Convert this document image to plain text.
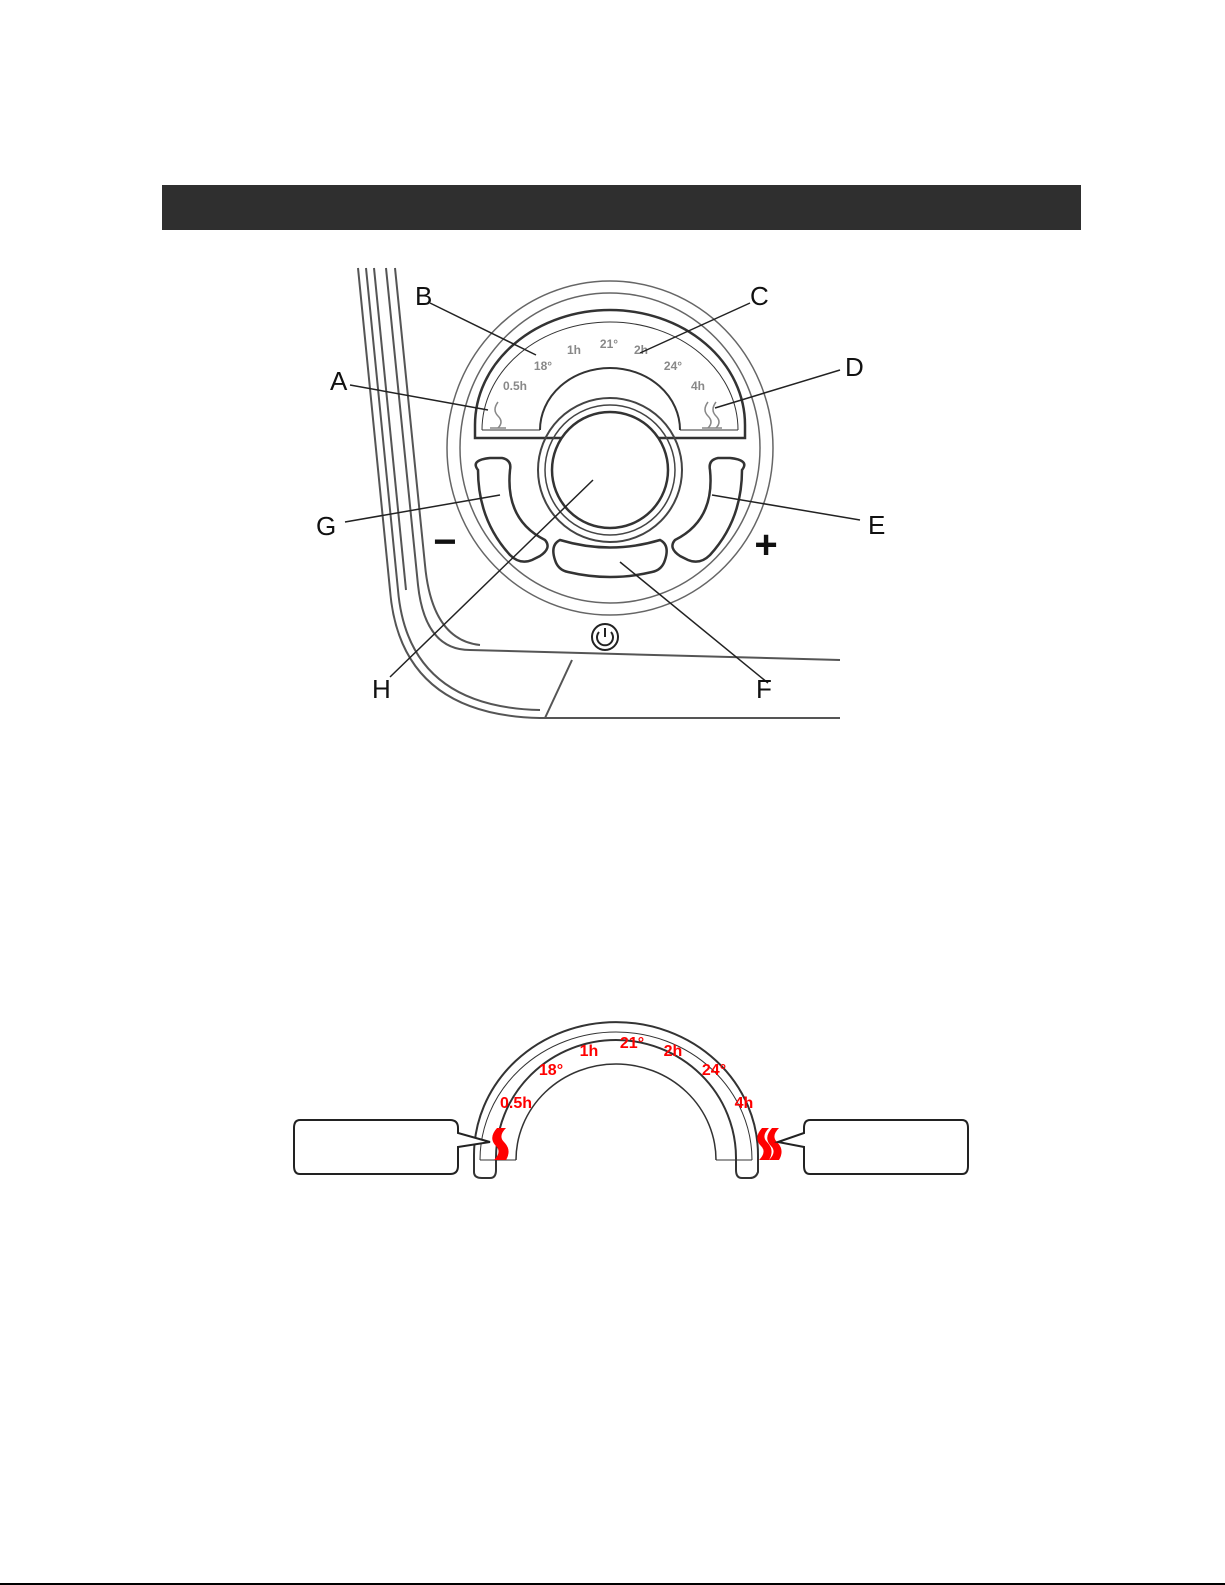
−	+
0.5h
18°
1h 21° 2h
24°
4h
A
B	C
D
E
F
G
H
0.5h
18°
1h 21° 2h
24°
4h
